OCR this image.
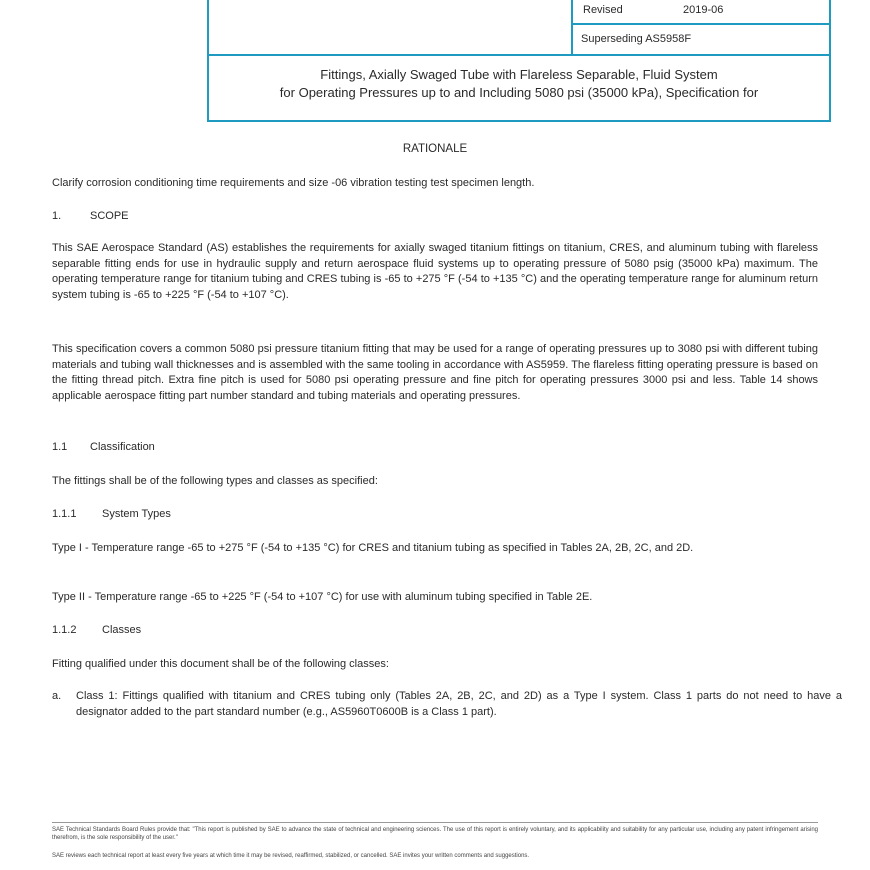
Revised	2019-06
Superseding AS5958F
Fittings, Axially Swaged Tube with Flareless Separable, Fluid System
for Operating Pressures up to and Including 5080 psi (35000 kPa), Specification for
RATIONALE
Clarify corrosion conditioning time requirements and size -06 vibration testing test specimen length.
1.	SCOPE
This SAE Aerospace Standard (AS) establishes the requirements for axially swaged titanium fittings on titanium, CRES, and aluminum tubing with flareless separable fitting ends for use in hydraulic supply and return aerospace fluid systems up to operating pressure of 5080 psig (35000 kPa) maximum. The operating temperature range for titanium tubing and CRES tubing is -65 to +275 °F (-54 to +135 °C) and the operating temperature range for aluminum return system tubing is -65 to +225 °F (-54 to +107 °C).
This specification covers a common 5080 psi pressure titanium fitting that may be used for a range of operating pressures up to 3080 psi with different tubing materials and tubing wall thicknesses and is assembled with the same tooling in accordance with AS5959. The flareless fitting operating pressure is based on the fitting thread pitch. Extra fine pitch is used for 5080 psi operating pressure and fine pitch for operating pressures 3000 psi and less. Table 14 shows applicable aerospace fitting part number standard and tubing materials and operating pressures.
1.1 Classification
The fittings shall be of the following types and classes as specified:
1.1.1 System Types
Type I - Temperature range -65 to +275 °F (-54 to +135 °C) for CRES and titanium tubing as specified in Tables 2A, 2B, 2C, and 2D.
Type II - Temperature range -65 to +225 °F (-54 to +107 °C) for use with aluminum tubing specified in Table 2E.
1.1.2 Classes
Fitting qualified under this document shall be of the following classes:
a. Class 1: Fittings qualified with titanium and CRES tubing only (Tables 2A, 2B, 2C, and 2D) as a Type I system. Class 1 parts do not need to have a designator added to the part standard number (e.g., AS5960T0600B is a Class 1 part).
SAE Technical Standards Board Rules provide that: "This report is published by SAE to advance the state of technical and engineering sciences. The use of this report is entirely voluntary, and its applicability and suitability for any particular use, including any patent infringement arising therefrom, is the sole responsibility of the user."
SAE reviews each technical report at least every five years at which time it may be revised, reaffirmed, stabilized, or cancelled. SAE invites your written comments and suggestions.
